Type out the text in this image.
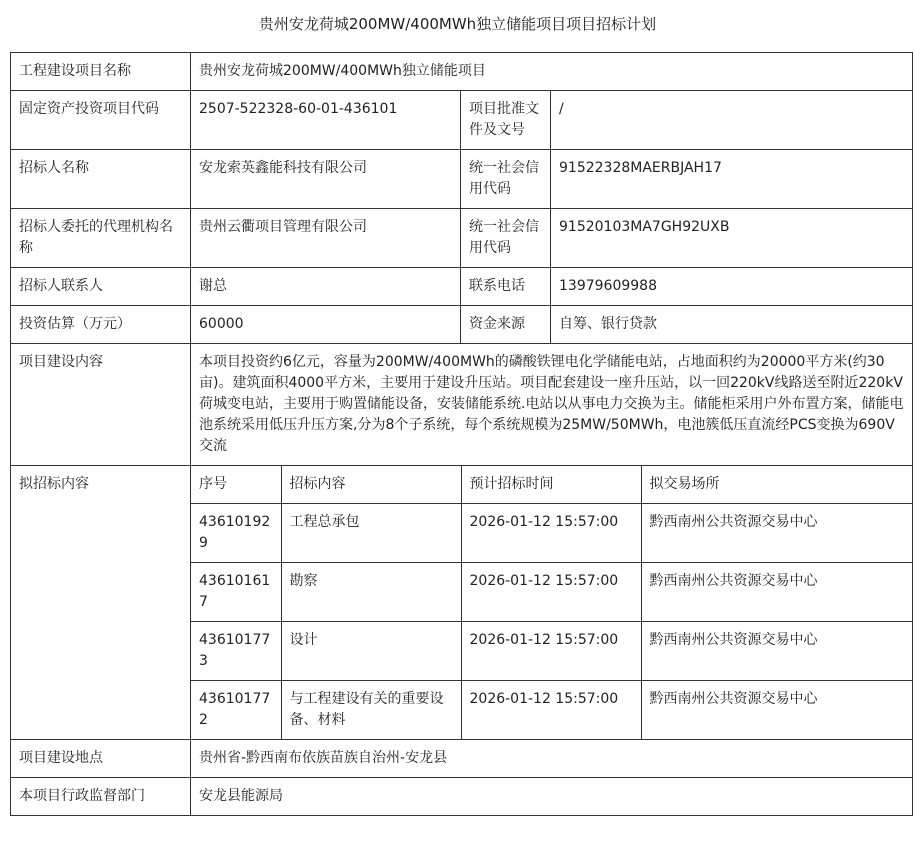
贵州安龙荷城200MW/400MWh独立储能项目项目招标计划
工程建设项目名称	贵州安龙荷城200MW/400MWh独立储能项目
固定资产投资项目代码	2507-522328-60-01-436101	项目批准文件及文号	/
招标人名称	安龙索英鑫能科技有限公司	统一社会信用代码	91522328MAERBJAH17
招标人委托的代理机构名称	贵州云衢项目管理有限公司	统一社会信用代码	91520103MA7GH92UXB
招标人联系人	谢总	联系电话	13979609988
投资估算（万元）	60000	资金来源	自筹、银行贷款
项目建设内容	本项目投资约6亿元，容量为200MW/400MWh的磷酸铁锂电化学储能电站，占地面积约为20000平方米(约30亩)。建筑面积4000平方米，主要用于建设升压站。项目配套建设一座升压站，以一回220kV线路送至附近220kV荷城变电站，主要用于购置储能设备，安装储能系统.电站以从事电力交换为主。储能柜采用户外布置方案，储能电池系统采用低压升压方案,分为8个子系统，每个系统规模为25MW/50MWh，电池簇低压直流经PCS变换为690V交流
拟招标内容		序号	招标内容	预计招标时间	拟交易场所
436101929	工程总承包	2026-01-12 15:57:00	黔西南州公共资源交易中心
436101617	勘察	2026-01-12 15:57:00	黔西南州公共资源交易中心
436101773	设计	2026-01-12 15:57:00	黔西南州公共资源交易中心
436101772	与工程建设有关的重要设备、材料	2026-01-12 15:57:00	黔西南州公共资源交易中心

项目建设地点	贵州省-黔西南布依族苗族自治州-安龙县
本项目行政监督部门	安龙县能源局
